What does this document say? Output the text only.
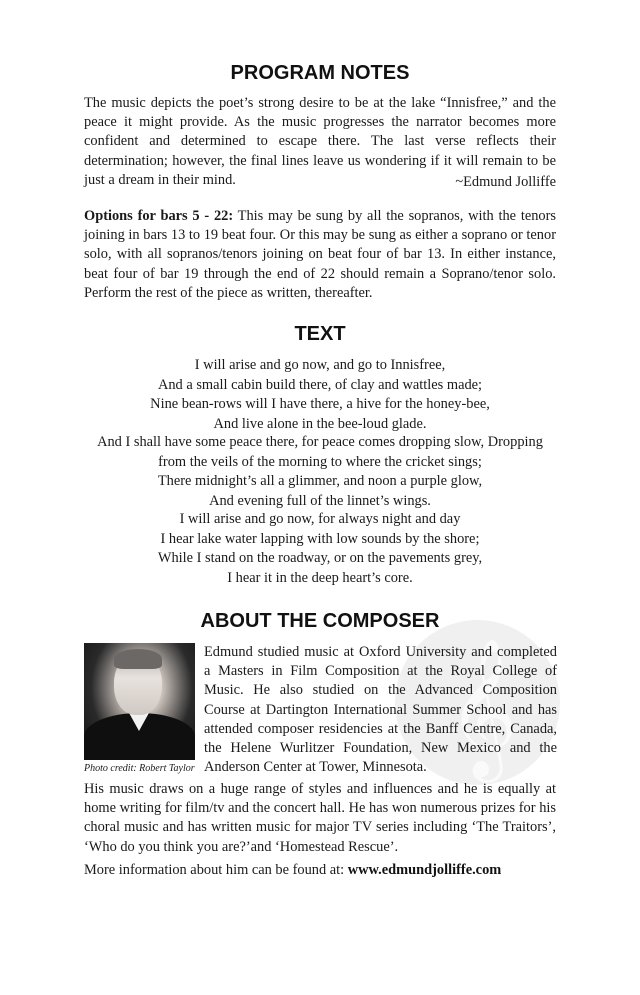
PROGRAM NOTES

The music depicts the poet’s strong desire to be at the lake “Innisfree,” and the peace it might provide. As the music progresses the narrator becomes more confident and determined to escape there. The last verse reflects their determination; however, the final lines leave us wondering if it will remain to be just a dream in their mind.	~Edmund Jolliffe

Options for bars 5 - 22: This may be sung by all the sopranos, with the tenors joining in bars 13 to 19 beat four. Or this may be sung as either a soprano or tenor solo, with all sopranos/tenors joining on beat four of bar 13. In either instance, beat four of bar 19 through the end of 22 should remain a Soprano/tenor solo. Perform the rest of the piece as written, thereafter.

TEXT
I will arise and go now, and go to Innisfree,
And a small cabin build there, of clay and wattles made;
Nine bean-rows will I have there, a hive for the honey-bee,
And live alone in the bee-loud glade.
And I shall have some peace there, for peace comes dropping slow, Dropping
from the veils of the morning to where the cricket sings;
There midnight’s all a glimmer, and noon a purple glow,
And evening full of the linnet’s wings.
I will arise and go now, for always night and day
I hear lake water lapping with low sounds by the shore;
While I stand on the roadway, or on the pavements grey,
I hear it in the deep heart’s core.
ABOUT THE COMPOSER
𝄞
Photo credit: Robert Taylor

Edmund studied music at Oxford University and completed a Masters in Film Composition at the Royal College of Music. He also studied on the Advanced Composition Course at Dartington International Summer School and has attended composer residencies at the Banff Centre, Canada, the Helene Wurlitzer Foundation, New Mexico and the Anderson Center at Tower, Minnesota.

His music draws on a huge range of styles and influences and he is equally at home writing for film/tv and the concert hall. He has won numerous prizes for his choral music and has written music for major TV series including ‘The Traitors’, ‘Who do you think you are?’and ‘Homestead Rescue’.

More information about him can be found at: www.edmundjolliffe.com
